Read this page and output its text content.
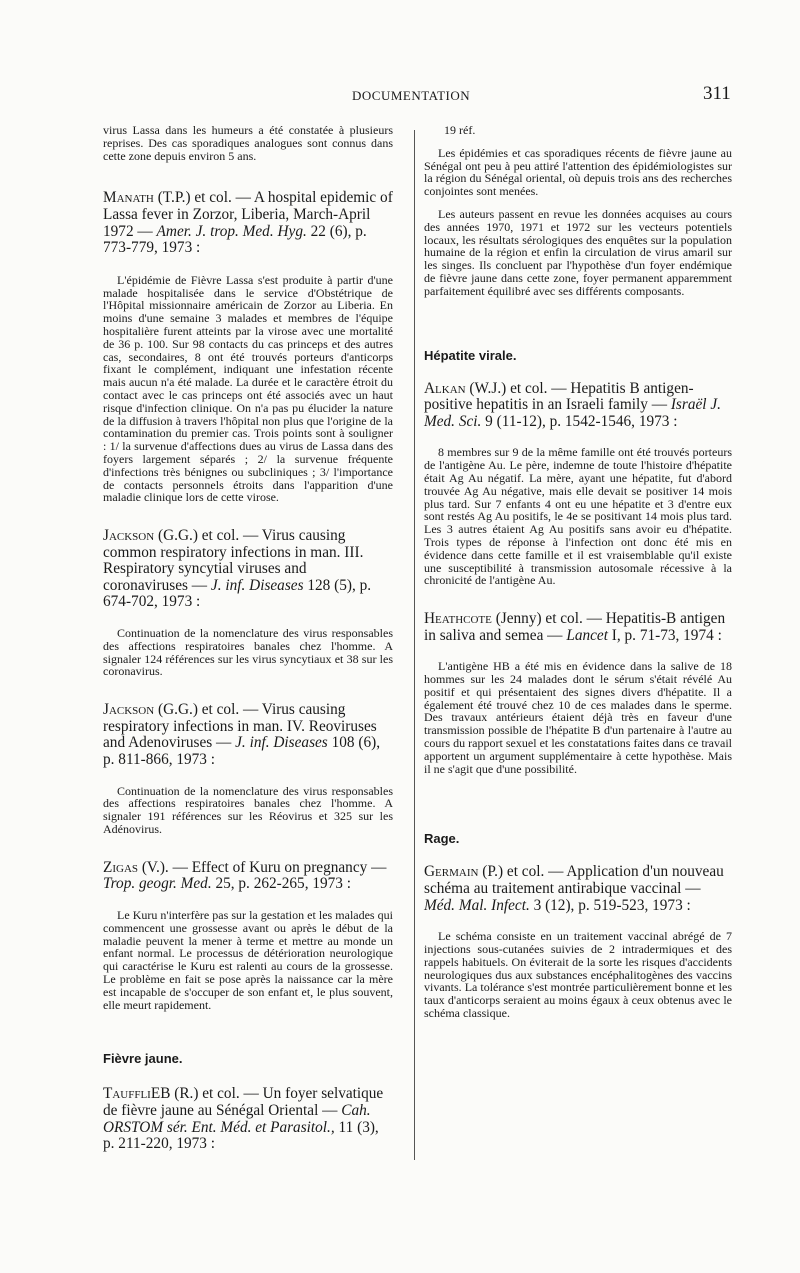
DOCUMENTATION	311

virus Lassa dans les humeurs a été constatée à plusieurs reprises. Des cas sporadiques analogues sont connus dans cette zone depuis environ 5 ans.

Manath (T.P.) et col. — A hospital epidemic of Lassa fever in Zorzor, Liberia, March-April 1972 — Amer. J. trop. Med. Hyg. 22 (6), p. 773-779, 1973 :

L'épidémie de Fièvre Lassa s'est produite à partir d'une malade hospitalisée dans le service d'Obstétrique de l'Hôpital missionnaire américain de Zorzor au Liberia. En moins d'une semaine 3 malades et membres de l'équipe hospitalière furent atteints par la virose avec une mortalité de 36 p. 100. Sur 98 contacts du cas princeps et des autres cas, secondaires, 8 ont été trouvés porteurs d'anticorps fixant le complément, indiquant une infestation récente mais aucun n'a été malade. La durée et le caractère étroit du contact avec le cas princeps ont été associés avec un haut risque d'infection clinique. On n'a pas pu élucider la nature de la diffusion à travers l'hôpital non plus que l'origine de la contamination du premier cas. Trois points sont à souligner : 1/ la survenue d'affections dues au virus de Lassa dans des foyers largement séparés ; 2/ la survenue fréquente d'infections très bénignes ou subcliniques ; 3/ l'importance de contacts personnels étroits dans l'apparition d'une maladie clinique lors de cette virose.

Jackson (G.G.) et col. — Virus causing common respiratory infections in man. III. Respiratory syncytial viruses and coronaviruses — J. inf. Diseases 128 (5), p. 674-702, 1973 :

Continuation de la nomenclature des virus responsables des affections respiratoires banales chez l'homme. A signaler 124 références sur les virus syncytiaux et 38 sur les coronavirus.

Jackson (G.G.) et col. — Virus causing respiratory infections in man. IV. Reoviruses and Adenoviruses — J. inf. Diseases 108 (6), p. 811-866, 1973 :

Continuation de la nomenclature des virus responsables des affections respiratoires banales chez l'homme. A signaler 191 références sur les Réovirus et 325 sur les Adénovirus.

Zigas (V.). — Effect of Kuru on pregnancy — Trop. geogr. Med. 25, p. 262-265, 1973 :

Le Kuru n'interfère pas sur la gestation et les malades qui commencent une grossesse avant ou après le début de la maladie peuvent la mener à terme et mettre au monde un enfant normal. Le processus de détérioration neurologique qui caractérise le Kuru est ralenti au cours de la grossesse. Le problème en fait se pose après la naissance car la mère est incapable de s'occuper de son enfant et, le plus souvent, elle meurt rapidement.

Fièvre jaune.

TauffliEB (R.) et col. — Un foyer selvatique de fièvre jaune au Sénégal Oriental — Cah. ORSTOM sér. Ent. Méd. et Parasitol., 11 (3), p. 211-220, 1973 :

19 réf.

Les épidémies et cas sporadiques récents de fièvre jaune au Sénégal ont peu à peu attiré l'attention des épidémiologistes sur la région du Sénégal oriental, où depuis trois ans des recherches conjointes sont menées.

Les auteurs passent en revue les données acquises au cours des années 1970, 1971 et 1972 sur les vecteurs potentiels locaux, les résultats sérologiques des enquêtes sur la population humaine de la région et enfin la circulation de virus amaril sur les singes. Ils concluent par l'hypothèse d'un foyer endémique de fièvre jaune dans cette zone, foyer permanent apparemment parfaitement équilibré avec ses différents composants.

Hépatite virale.

Alkan (W.J.) et col. — Hepatitis B antigen-positive hepatitis in an Israeli family — Israël J. Med. Sci. 9 (11-12), p. 1542-1546, 1973 :

8 membres sur 9 de la même famille ont été trouvés porteurs de l'antigène Au. Le père, indemne de toute l'histoire d'hépatite était Ag Au négatif. La mère, ayant une hépatite, fut d'abord trouvée Ag Au négative, mais elle devait se positiver 14 mois plus tard. Sur 7 enfants 4 ont eu une hépatite et 3 d'entre eux sont restés Ag Au positifs, le 4e se positivant 14 mois plus tard. Les 3 autres étaient Ag Au positifs sans avoir eu d'hépatite. Trois types de réponse à l'infection ont donc été mis en évidence dans cette famille et il est vraisemblable qu'il existe une susceptibilité à transmission autosomale récessive à la chronicité de l'antigène Au.

Heathcote (Jenny) et col. — Hepatitis-B antigen in saliva and semea — Lancet I, p. 71-73, 1974 :

L'antigène HB a été mis en évidence dans la salive de 18 hommes sur les 24 malades dont le sérum s'était révélé Au positif et qui présentaient des signes divers d'hépatite. Il a également été trouvé chez 10 de ces malades dans le sperme. Des travaux antérieurs étaient déjà très en faveur d'une transmission possible de l'hépatite B d'un partenaire à l'autre au cours du rapport sexuel et les constatations faites dans ce travail apportent un argument supplémentaire à cette hypothèse. Mais il ne s'agit que d'une possibilité.

Rage.

Germain (P.) et col. — Application d'un nouveau schéma au traitement antirabique vaccinal — Méd. Mal. Infect. 3 (12), p. 519-523, 1973 :

Le schéma consiste en un traitement vaccinal abrégé de 7 injections sous-cutanées suivies de 2 intradermiques et des rappels habituels. On éviterait de la sorte les risques d'accidents neurologiques dus aux substances encéphalitogènes des vaccins vivants. La tolérance s'est montrée particulièrement bonne et les taux d'anticorps seraient au moins égaux à ceux obtenus avec le schéma classique.
